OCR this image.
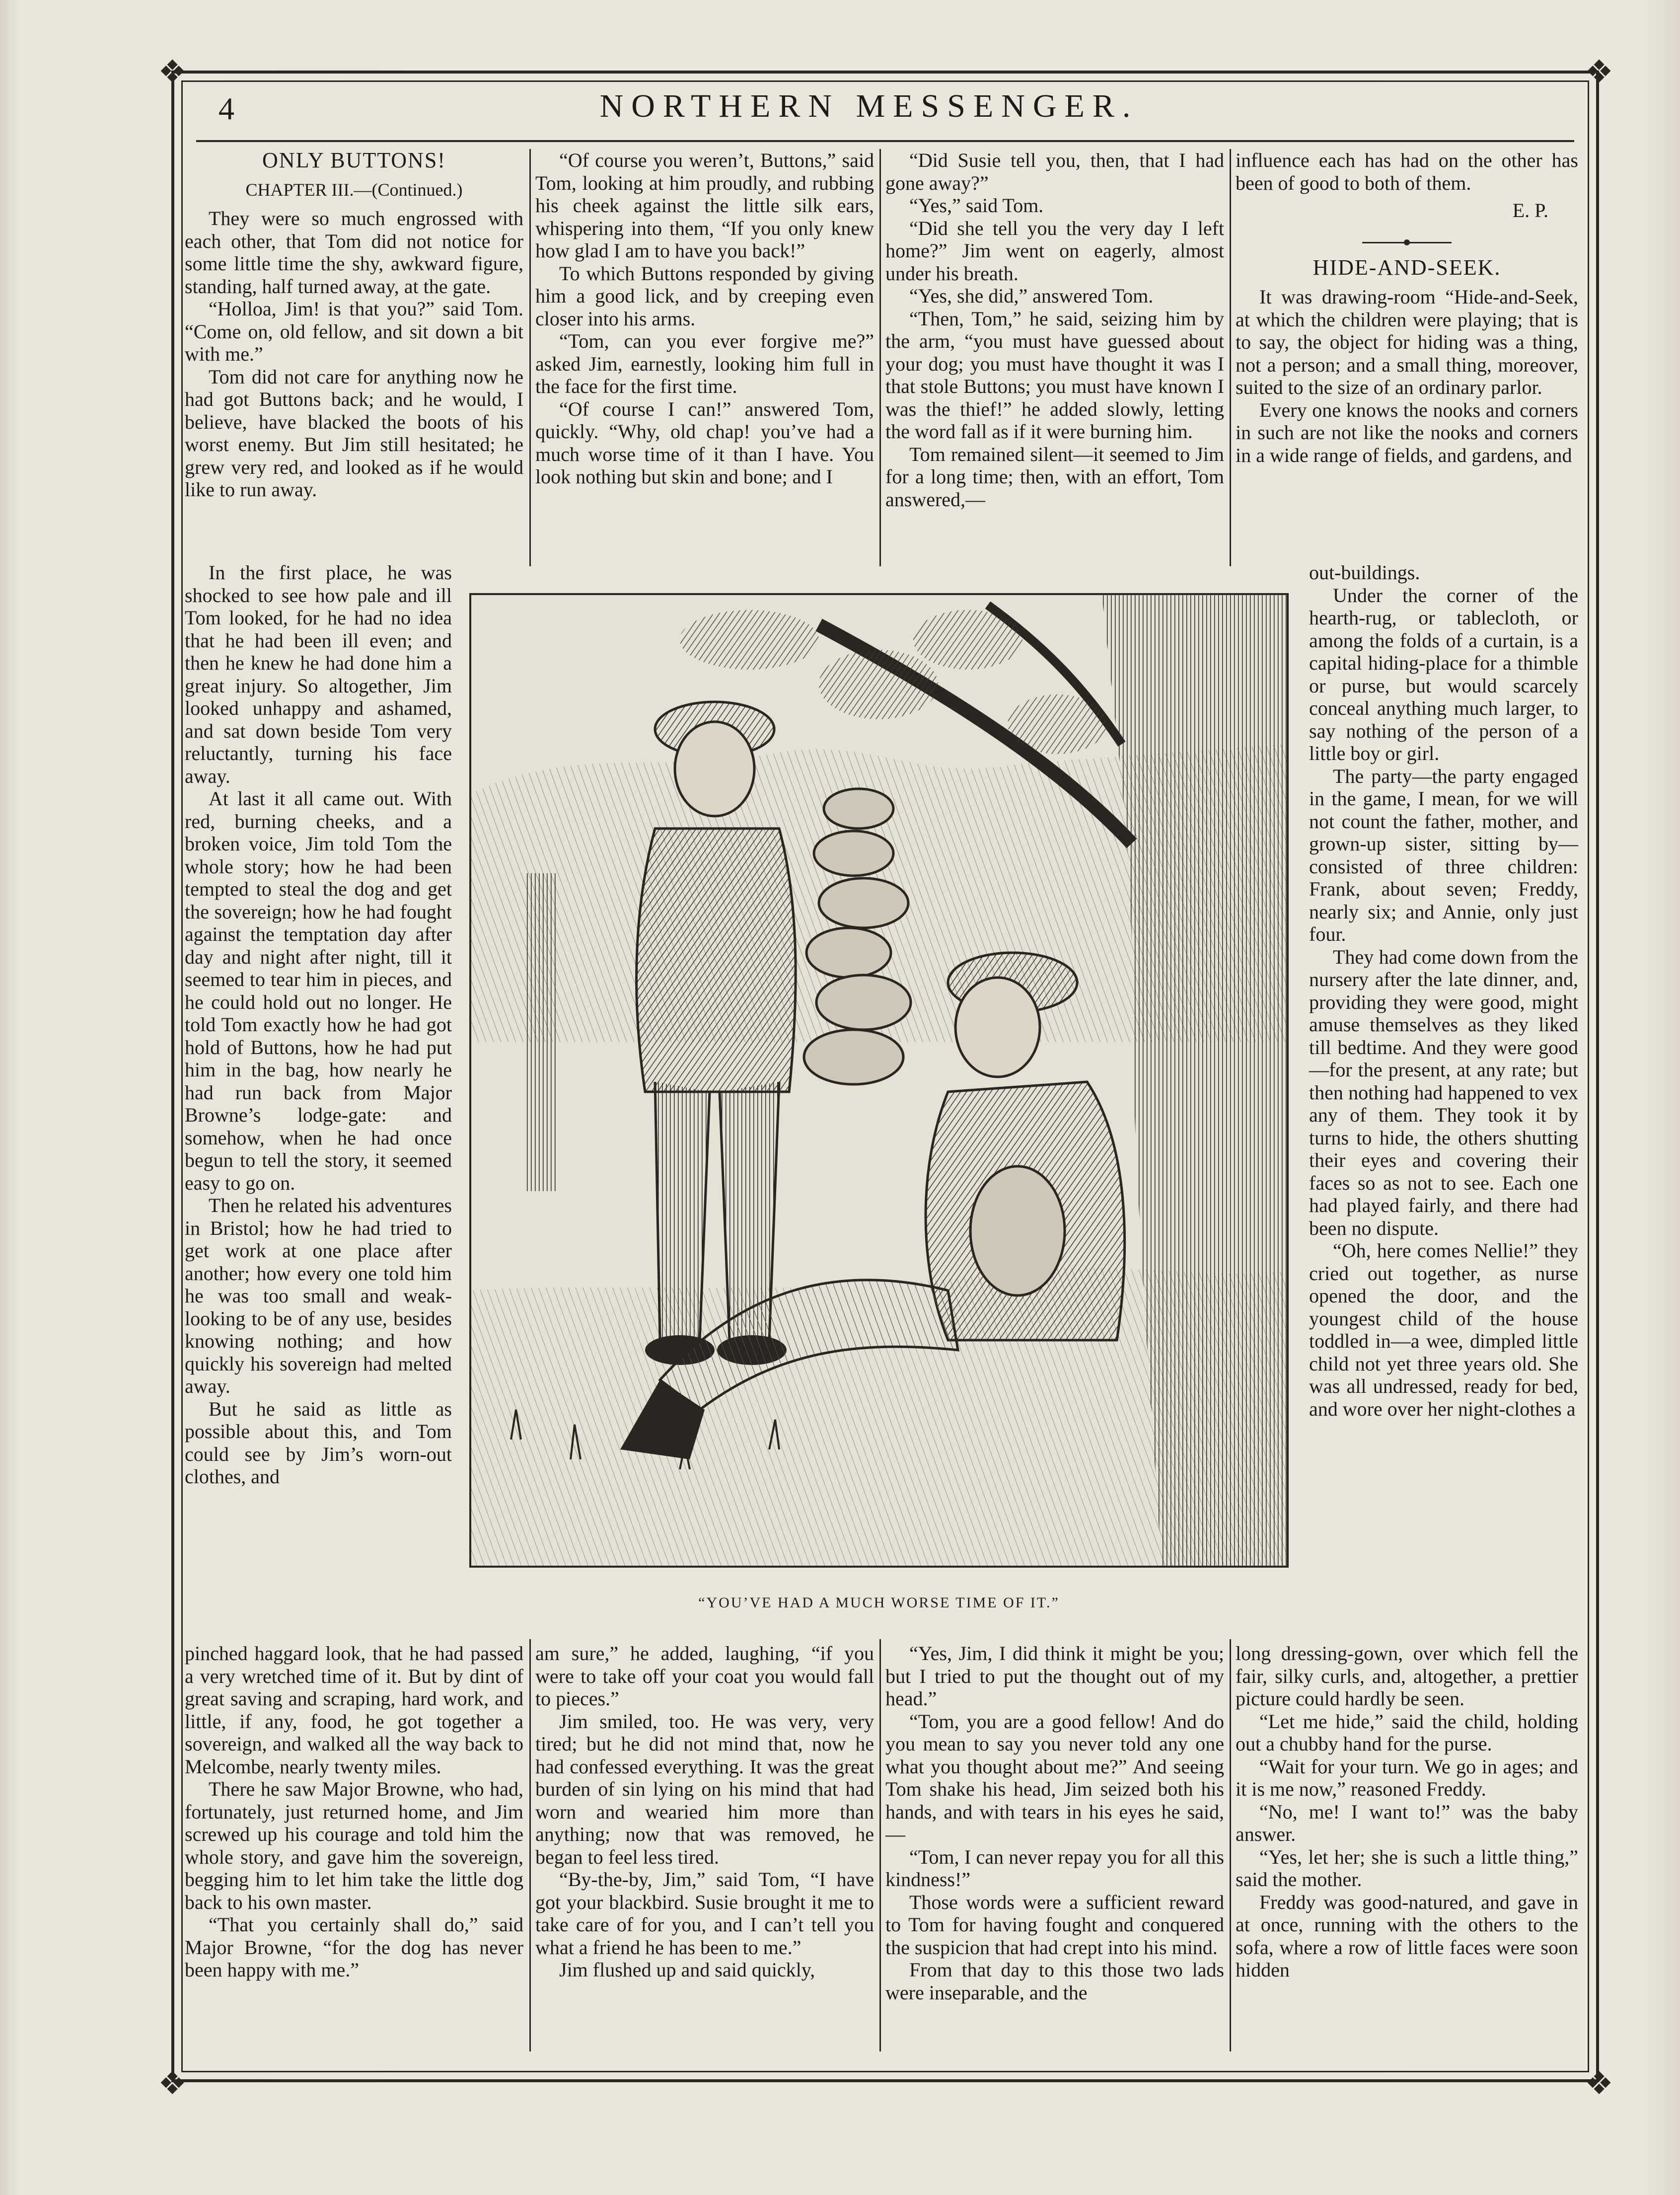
❖	❖
❖	❖
4	NORTHERN MESSENGER.
ONLY BUTTONS!
CHAPTER III.—(Continued.)

They were so much engrossed with each other, that Tom did not notice for some little time the shy, awkward figure, standing, half turned away, at the gate.

“Holloa, Jim! is that you?” said Tom. “Come on, old fellow, and sit down a bit with me.”

Tom did not care for anything now he had got Buttons back; and he would, I believe, have blacked the boots of his worst enemy. But Jim still hesitated; he grew very red, and looked as if he would like to run away.

In the first place, he was shocked to see how pale and ill Tom looked, for he had no idea that he had been ill even; and then he knew he had done him a great injury. So altogether, Jim looked unhappy and ashamed, and sat down beside Tom very reluctantly, turning his face away.

At last it all came out. With red, burning cheeks, and a broken voice, Jim told Tom the whole story; how he had been tempted to steal the dog and get the sovereign; how he had fought against the temptation day after day and night after night, till it seemed to tear him in pieces, and he could hold out no longer. He told Tom exactly how he had got hold of Buttons, how he had put him in the bag, how nearly he had run back from Major Browne’s lodge-gate: and somehow, when he had once begun to tell the story, it seemed easy to go on.

Then he related his adventures in Bristol; how he had tried to get work at one place after another; how every one told him he was too small and weak-looking to be of any use, besides knowing nothing; and how quickly his sovereign had melted away.

But he said as little as possible about this, and Tom could see by Jim’s worn-out clothes, and

pinched haggard look, that he had passed a very wretched time of it. But by dint of great saving and scraping, hard work, and little, if any, food, he got together a sovereign, and walked all the way back to Melcombe, nearly twenty miles.

There he saw Major Browne, who had, fortunately, just returned home, and Jim screwed up his courage and told him the whole story, and gave him the sovereign, begging him to let him take the little dog back to his own master.

“That you certainly shall do,” said Major Browne, “for the dog has never been happy with me.”

“Of course you weren’t, Buttons,” said Tom, looking at him proudly, and rubbing his cheek against the little silk ears, whispering into them, “If you only knew how glad I am to have you back!”

To which Buttons responded by giving him a good lick, and by creeping even closer into his arms.

“Tom, can you ever forgive me?” asked Jim, earnestly, looking him full in the face for the first time.

“Of course I can!” answered Tom, quickly. “Why, old chap! you’ve had a much worse time of it than I have. You look nothing but skin and bone; and I

am sure,” he added, laughing, “if you were to take off your coat you would fall to pieces.”

Jim smiled, too. He was very, very tired; but he did not mind that, now he had confessed everything. It was the great burden of sin lying on his mind that had worn and wearied him more than anything; now that was removed, he began to feel less tired.

“By-the-by, Jim,” said Tom, “I have got your blackbird. Susie brought it me to take care of for you, and I can’t tell you what a friend he has been to me.”

Jim flushed up and said quickly,

“Did Susie tell you, then, that I had gone away?”

“Yes,” said Tom.

“Did she tell you the very day I left home?” Jim went on eagerly, almost under his breath.

“Yes, she did,” answered Tom.

“Then, Tom,” he said, seizing him by the arm, “you must have guessed about your dog; you must have thought it was I that stole Buttons; you must have known I was the thief!” he added slowly, letting the word fall as if it were burning him.

Tom remained silent—it seemed to Jim for a long time; then, with an effort, Tom answered,—

“Yes, Jim, I did think it might be you; but I tried to put the thought out of my head.”

“Tom, you are a good fellow! And do you mean to say you never told any one what you thought about me?” And seeing Tom shake his head, Jim seized both his hands, and with tears in his eyes he said,—

“Tom, I can never repay you for all this kindness!”

Those words were a sufficient reward to Tom for having fought and conquered the suspicion that had crept into his mind.

From that day to this those two lads were inseparable, and the

influence each has had on the other has been of good to both of them.

E. P.
HIDE-AND-SEEK.

It was drawing-room “Hide-and-Seek, at which the children were playing; that is to say, the object for hiding was a thing, not a person; and a small thing, moreover, suited to the size of an ordinary parlor.

Every one knows the nooks and corners in such are not like the nooks and corners in a wide range of fields, and gardens, and

out-buildings.

Under the corner of the hearth-rug, or tablecloth, or among the folds of a curtain, is a capital hiding-place for a thimble or purse, but would scarcely conceal anything much larger, to say nothing of the person of a little boy or girl.

The party—the party engaged in the game, I mean, for we will not count the father, mother, and grown-up sister, sitting by—consisted of three children: Frank, about seven; Freddy, nearly six; and Annie, only just four.

They had come down from the nursery after the late dinner, and, providing they were good, might amuse themselves as they liked till bedtime. And they were good—for the present, at any rate; but then nothing had happened to vex any of them. They took it by turns to hide, the others shutting their eyes and covering their faces so as not to see. Each one had played fairly, and there had been no dispute.

“Oh, here comes Nellie!” they cried out together, as nurse opened the door, and the youngest child of the house toddled in—a wee, dimpled little child not yet three years old. She was all undressed, ready for bed, and wore over her night-clothes a

long dressing-gown, over which fell the fair, silky curls, and, altogether, a prettier picture could hardly be seen.

“Let me hide,” said the child, holding out a chubby hand for the purse.

“Wait for your turn. We go in ages; and it is me now,” reasoned Freddy.

“No, me! I want to!” was the baby answer.

“Yes, let her; she is such a little thing,” said the mother.

Freddy was good-natured, and gave in at once, running with the others to the sofa, where a row of little faces were soon hidden

“YOU’VE HAD A MUCH WORSE TIME OF IT.”
